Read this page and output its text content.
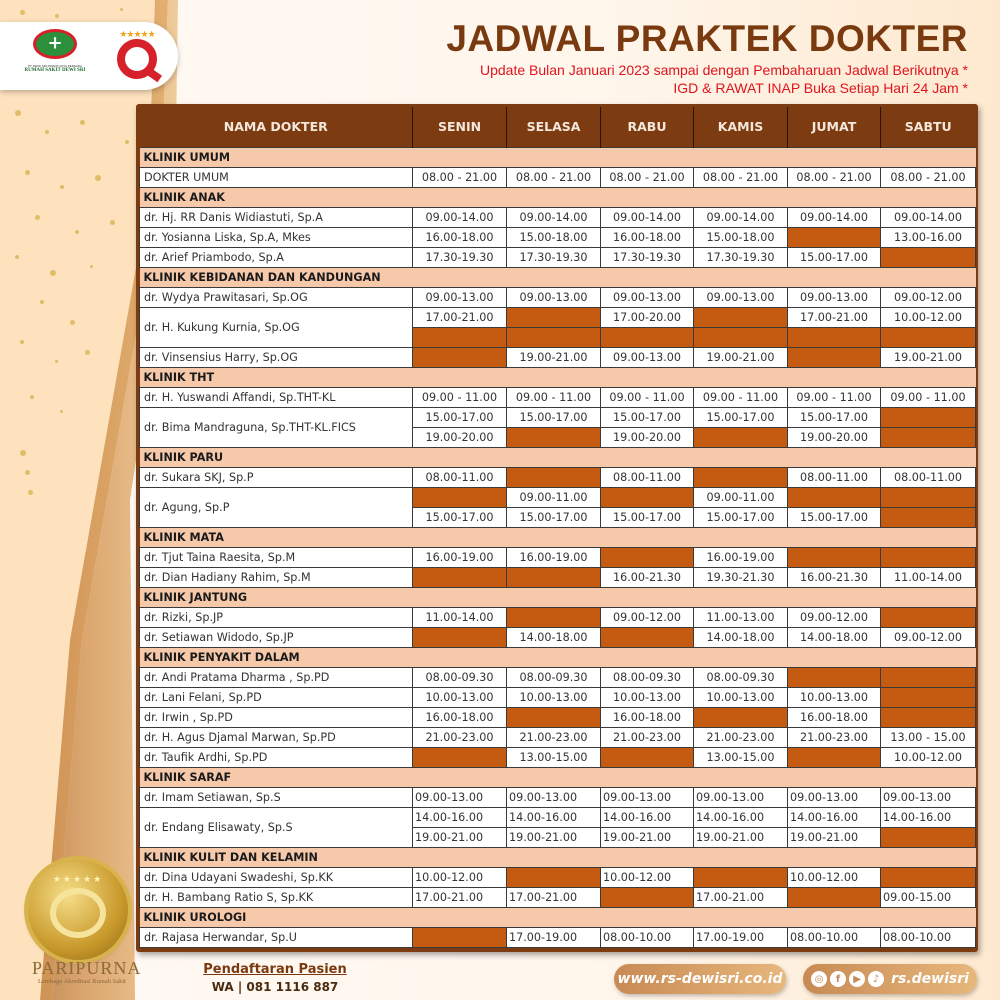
+
PT. DEWI SRI PRIANTI DIYA PERSADA
RUMAH SAKIT DEWI SRI
★★★★★	JADWAL PRAKTEK DOKTER
Update Bulan Januari 2023 sampai dengan Pembaharuan Jadwal Berikutnya *
IGD & RAWAT INAP Buka Setiap Hari 24 Jam *
NAMA DOKTER	SENIN	SELASA	RABU	KAMIS	JUMAT	SABTU
KLINIK UMUM						
DOKTER UMUM	08.00 - 21.00	08.00 - 21.00	08.00 - 21.00	08.00 - 21.00	08.00 - 21.00	08.00 - 21.00
KLINIK ANAK						
dr. Hj. RR Danis Widiastuti, Sp.A	09.00-14.00	09.00-14.00	09.00-14.00	09.00-14.00	09.00-14.00	09.00-14.00
dr. Yosianna Liska, Sp.A, Mkes	16.00-18.00	15.00-18.00	16.00-18.00	15.00-18.00		13.00-16.00
dr. Arief Priambodo, Sp.A	17.30-19.30	17.30-19.30	17.30-19.30	17.30-19.30	15.00-17.00	
KLINIK KEBIDANAN DAN KANDUNGAN						
dr. Wydya Prawitasari, Sp.OG	09.00-13.00	09.00-13.00	09.00-13.00	09.00-13.00	09.00-13.00	09.00-12.00
dr. H. Kukung Kurnia, Sp.OG	17.00-21.00		17.00-20.00		17.00-21.00	10.00-12.00

dr. Vinsensius Harry, Sp.OG		19.00-21.00	09.00-13.00	19.00-21.00		19.00-21.00
KLINIK THT						
dr. H. Yuswandi Affandi, Sp.THT-KL	09.00 - 11.00	09.00 - 11.00	09.00 - 11.00	09.00 - 11.00	09.00 - 11.00	09.00 - 11.00
dr. Bima Mandraguna, Sp.THT-KL.FICS	15.00-17.00	15.00-17.00	15.00-17.00	15.00-17.00	15.00-17.00	
	19.00-20.00		19.00-20.00		19.00-20.00	
KLINIK PARU						
dr. Sukara SKJ, Sp.P	08.00-11.00		08.00-11.00		08.00-11.00	08.00-11.00
dr. Agung, Sp.P		09.00-11.00		09.00-11.00		
	15.00-17.00	15.00-17.00	15.00-17.00	15.00-17.00	15.00-17.00	
KLINIK MATA						
dr. Tjut Taina Raesita, Sp.M	16.00-19.00	16.00-19.00		16.00-19.00		
dr. Dian Hadiany Rahim, Sp.M			16.00-21.30	19.30-21.30	16.00-21.30	11.00-14.00
KLINIK JANTUNG						
dr. Rizki, Sp.JP	11.00-14.00		09.00-12.00	11.00-13.00	09.00-12.00	
dr. Setiawan Widodo, Sp.JP		14.00-18.00		14.00-18.00	14.00-18.00	09.00-12.00
KLINIK PENYAKIT DALAM						
dr. Andi Pratama Dharma , Sp.PD	08.00-09.30	08.00-09.30	08.00-09.30	08.00-09.30		
dr. Lani Felani, Sp.PD	10.00-13.00	10.00-13.00	10.00-13.00	10.00-13.00	10.00-13.00	
dr. Irwin , Sp.PD	16.00-18.00		16.00-18.00		16.00-18.00	
dr. H. Agus Djamal Marwan, Sp.PD	21.00-23.00	21.00-23.00	21.00-23.00	21.00-23.00	21.00-23.00	13.00 - 15.00
dr. Taufik Ardhi, Sp.PD		13.00-15.00		13.00-15.00		10.00-12.00
KLINIK SARAF						
dr. Imam Setiawan, Sp.S	09.00-13.00	09.00-13.00	09.00-13.00	09.00-13.00	09.00-13.00	09.00-13.00
dr. Endang Elisawaty, Sp.S	14.00-16.00	14.00-16.00	14.00-16.00	14.00-16.00	14.00-16.00	14.00-16.00
	19.00-21.00	19.00-21.00	19.00-21.00	19.00-21.00	19.00-21.00	
KLINIK KULIT DAN KELAMIN						
dr. Dina Udayani Swadeshi, Sp.KK	10.00-12.00		10.00-12.00		10.00-12.00	
dr. H. Bambang Ratio S, Sp.KK	17.00-21.00	17.00-21.00		17.00-21.00		09.00-15.00
KLINIK UROLOGI						
dr. Rajasa Herwandar, Sp.U		17.00-19.00	08.00-10.00	17.00-19.00	08.00-10.00	08.00-10.00
★★★★★
PARIPURNA
Lembaga Akreditasi Rumah Sakit
Pendaftaran Pasien
WA | 081 1116 887	www.rs-dewisri.co.id	◎	f	▶	♪ rs.dewisri
